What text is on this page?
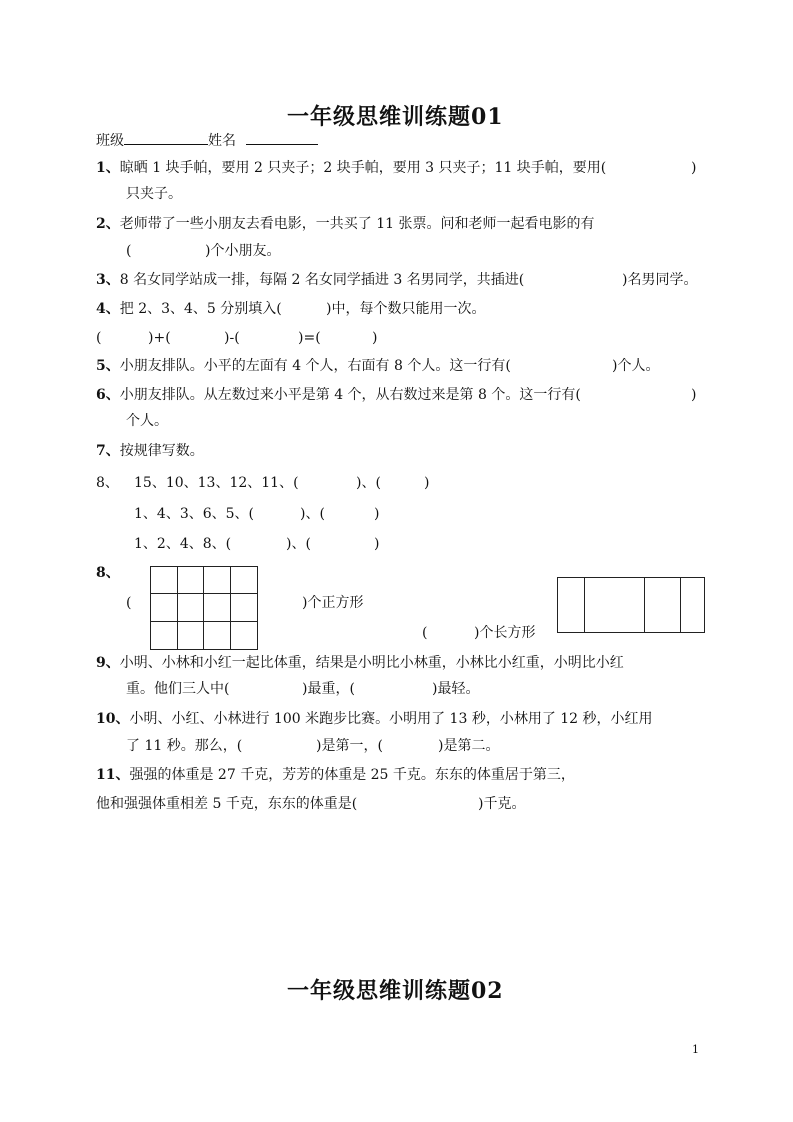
一年级思维训练题01
班级	姓名
1、晾晒 1 块手帕，要用 2 只夹子；2 块手帕，要用 3 只夹子；11 块手帕，要用(	)
只夹子。
2、老师带了一些小朋友去看电影，一共买了 11 张票。问和老师一起看电影的有
(	)个小朋友。
3、8 名女同学站成一排，每隔 2 名女同学插进 3 名男同学，共插进(	)名男同学。
4、把 2、3、4、5 分别填入(	)中，每个数只能用一次。
(	)+(	)-(	)=(	)
5、小朋友排队。小平的左面有 4 个人，右面有 8 个人。这一行有(	)个人。
6、小朋友排队。从左数过来小平是第 4 个，从右数过来是第 8 个。这一行有(	)
个人。
7、按规律写数。
8、 15、10、13、12、11、(	)、(	)
1、4、3、6、5、(	)、(	)
1、2、4、8、(	)、(	)
8、
(	)个正方形
(	)个长方形
9、小明、小林和小红一起比体重，结果是小明比小林重，小林比小红重，小明比小红
重。他们三人中(	)最重，(	)最轻。
10、小明、小红、小林进行 100 米跑步比赛。小明用了 13 秒，小林用了 12 秒，小红用
了 11 秒。那么，(	)是第一，(	)是第二。
11、强强的体重是 27 千克，芳芳的体重是 25 千克。东东的体重居于第三，
他和强强体重相差 5 千克，东东的体重是(	)千克。
一年级思维训练题02
1
